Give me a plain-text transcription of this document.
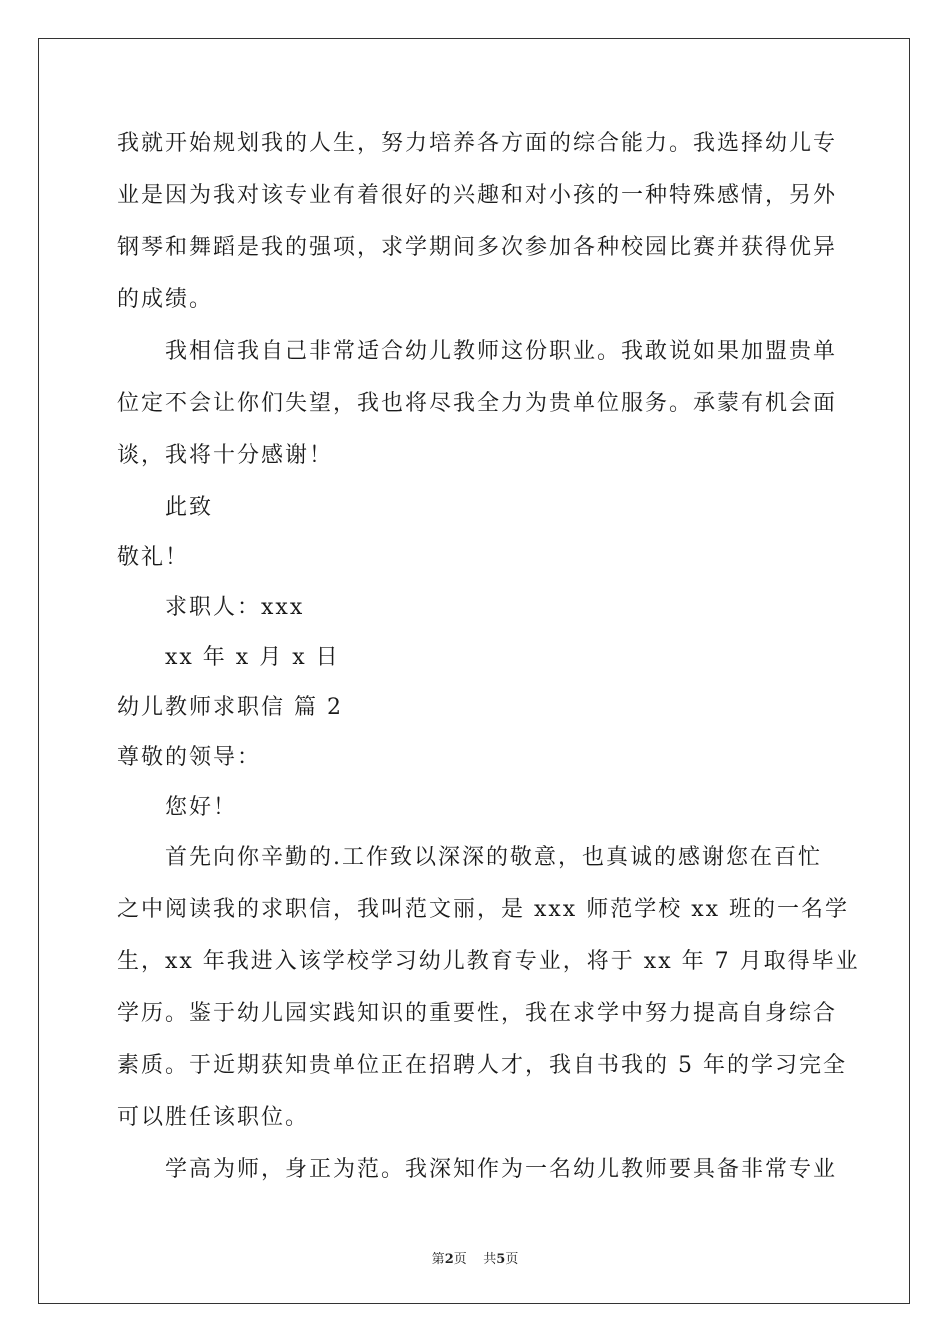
我就开始规划我的人生，努力培养各方面的综合能力。我选择幼儿专
业是因为我对该专业有着很好的兴趣和对小孩的一种特殊感情，另外
钢琴和舞蹈是我的强项，求学期间多次参加各种校园比赛并获得优异
的成绩。
我相信我自己非常适合幼儿教师这份职业。我敢说如果加盟贵单
位定不会让你们失望，我也将尽我全力为贵单位服务。承蒙有机会面
谈，我将十分感谢！
此致
敬礼！
求职人：xxx
xx 年 x 月 x 日
幼儿教师求职信 篇 2
尊敬的领导：
您好！
首先向你辛勤的.工作致以深深的敬意，也真诚的感谢您在百忙
之中阅读我的求职信，我叫范文丽，是 xxx 师范学校 xx 班的一名学
生，xx 年我进入该学校学习幼儿教育专业，将于 xx 年 7 月取得毕业
学历。鉴于幼儿园实践知识的重要性，我在求学中努力提高自身综合
素质。于近期获知贵单位正在招聘人才，我自书我的 5 年的学习完全
可以胜任该职位。
学高为师，身正为范。我深知作为一名幼儿教师要具备非常专业
第2页    共5页
